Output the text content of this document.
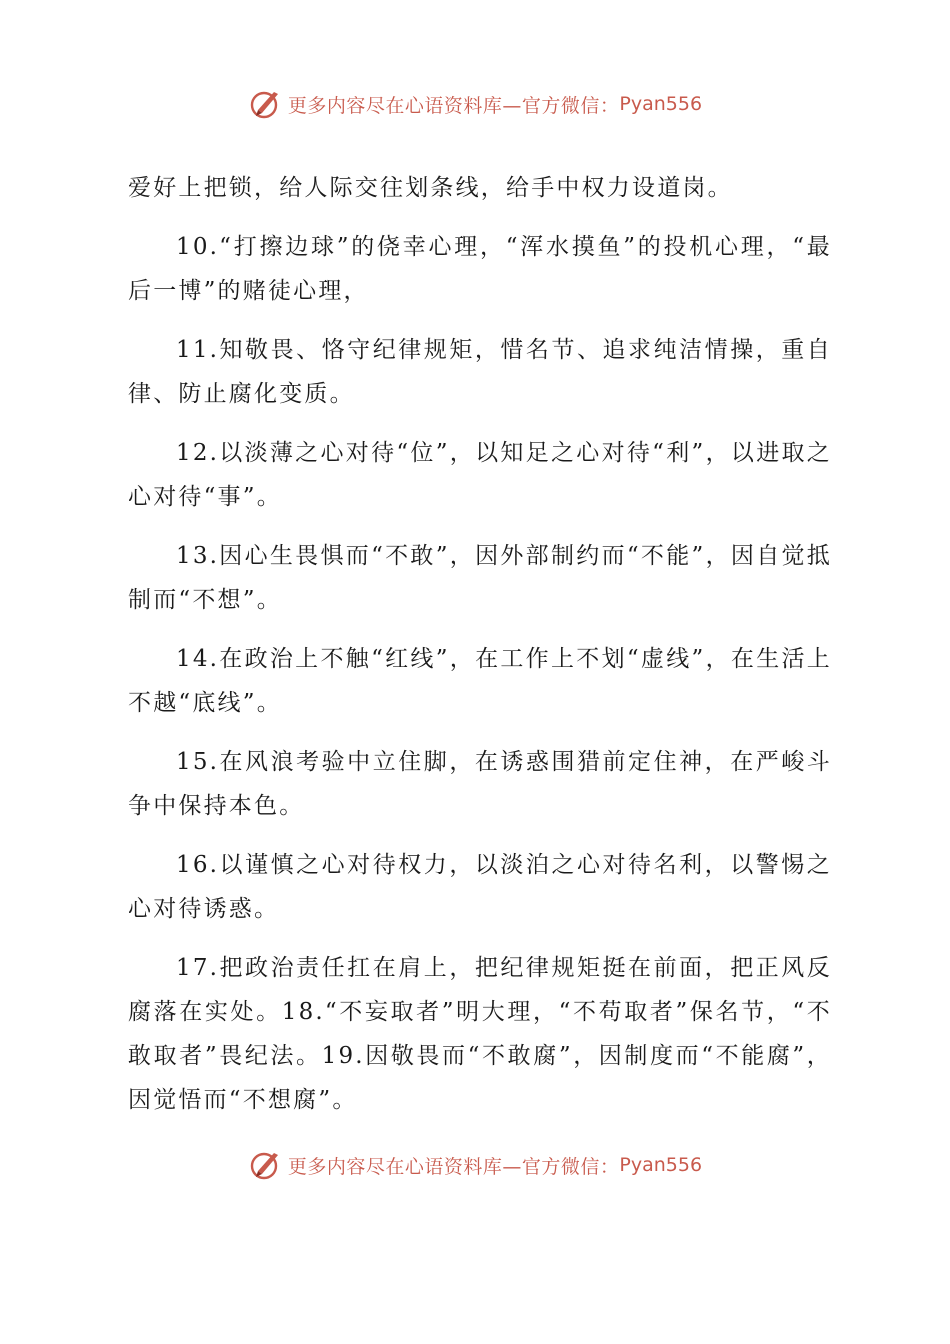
更多内容尽在心语资料库—官方微信： Pyan556

爱好上把锁，给人际交往划条线，给手中权力设道岗。

10.“打擦边球”的侥幸心理，“浑水摸鱼”的投机心理，“最后一博”的赌徒心理，

11.知敬畏、恪守纪律规矩，惜名节、追求纯洁情操，重自律、防止腐化变质。

12.以淡薄之心对待“位”，以知足之心对待“利”，以进取之心对待“事”。

13.因心生畏惧而“不敢”，因外部制约而“不能”，因自觉抵制而“不想”。

14.在政治上不触“红线”，在工作上不划“虚线”，在生活上不越“底线”。

15.在风浪考验中立住脚，在诱惑围猎前定住神，在严峻斗争中保持本色。

16.以谨慎之心对待权力，以淡泊之心对待名利，以警惕之心对待诱惑。

17.把政治责任扛在肩上，把纪律规矩挺在前面，把正风反腐落在实处。18.“不妄取者”明大理，“不苟取者”保名节，“不敢取者”畏纪法。19.因敬畏而“不敢腐”，因制度而“不能腐”，因觉悟而“不想腐”。

更多内容尽在心语资料库—官方微信： Pyan556
